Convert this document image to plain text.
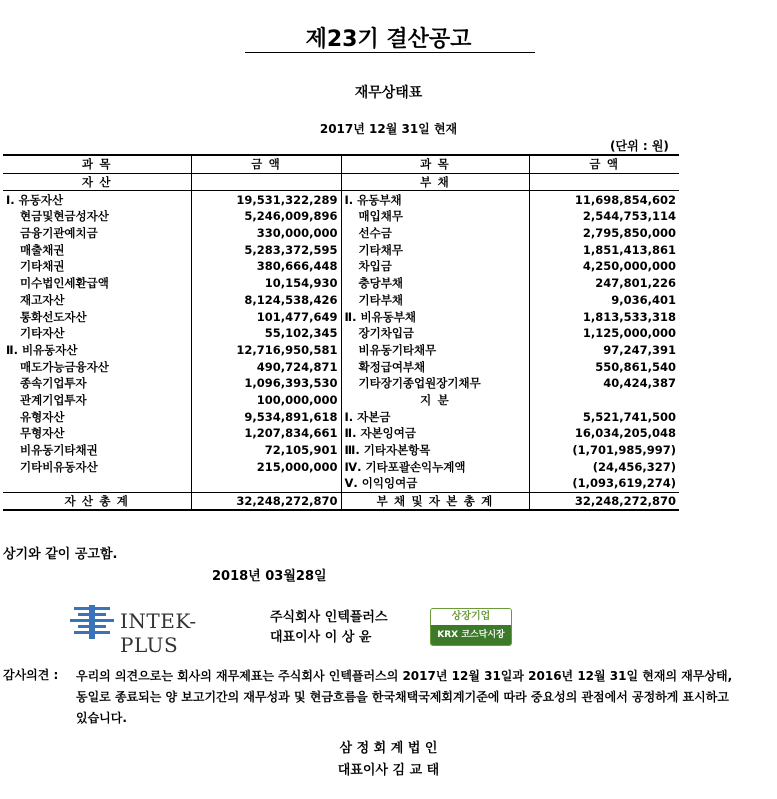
제23기 결산공고
재무상태표
2017년 12월 31일 현재
(단위 : 원)
과 목	금 액	과 목	금 액
자 산		부 채	
Ⅰ. 유동자산	19,531,322,289	Ⅰ. 유동부채	11,698,854,602
현금및현금성자산	5,246,009,896	매입채무	2,544,753,114
금융기관예치금	330,000,000	선수금	2,795,850,000
매출채권	5,283,372,595	기타채무	1,851,413,861
기타채권	380,666,448	차입금	4,250,000,000
미수법인세환급액	10,154,930	충당부채	247,801,226
재고자산	8,124,538,426	기타부채	9,036,401
통화선도자산	101,477,649	Ⅱ. 비유동부채	1,813,533,318
기타자산	55,102,345	장기차입금	1,125,000,000
Ⅱ. 비유동자산	12,716,950,581	비유동기타채무	97,247,391
매도가능금융자산	490,724,871	확정급여부채	550,861,540
종속기업투자	1,096,393,530	기타장기종업원장기채무	40,424,387
관계기업투자	100,000,000	지 분	
유형자산	9,534,891,618	Ⅰ. 자본금	5,521,741,500
무형자산	1,207,834,661	Ⅱ. 자본잉여금	16,034,205,048
비유동기타채권	72,105,901	Ⅲ. 기타자본항목	(1,701,985,997)
기타비유동자산	215,000,000	Ⅳ. 기타포괄손익누계액	(24,456,327)
		Ⅴ. 이익잉여금	(1,093,619,274)
자 산 총 계	32,248,272,870	부 채 및 자 본 총 계	32,248,272,870
상기와 같이 공고함.
2018년 03월28일
INTEK-PLUS
주식회사 인텍플러스
대표이사 이 상 윤
상장기업
KRX 코스닥시장
감사의견 : 우리의 의견으로는 회사의 재무제표는 주식회사 인텍플러스의 2017년 12월 31일과 2016년 12월 31일 현재의 재무상태, 동일로 종료되는 양 보고기간의 재무성과 및 현금흐름을 한국채택국제회계기준에 따라 중요성의 관점에서 공정하게 표시하고 있습니다.
삼 정 회 계 법 인
대표이사 김 교 태
